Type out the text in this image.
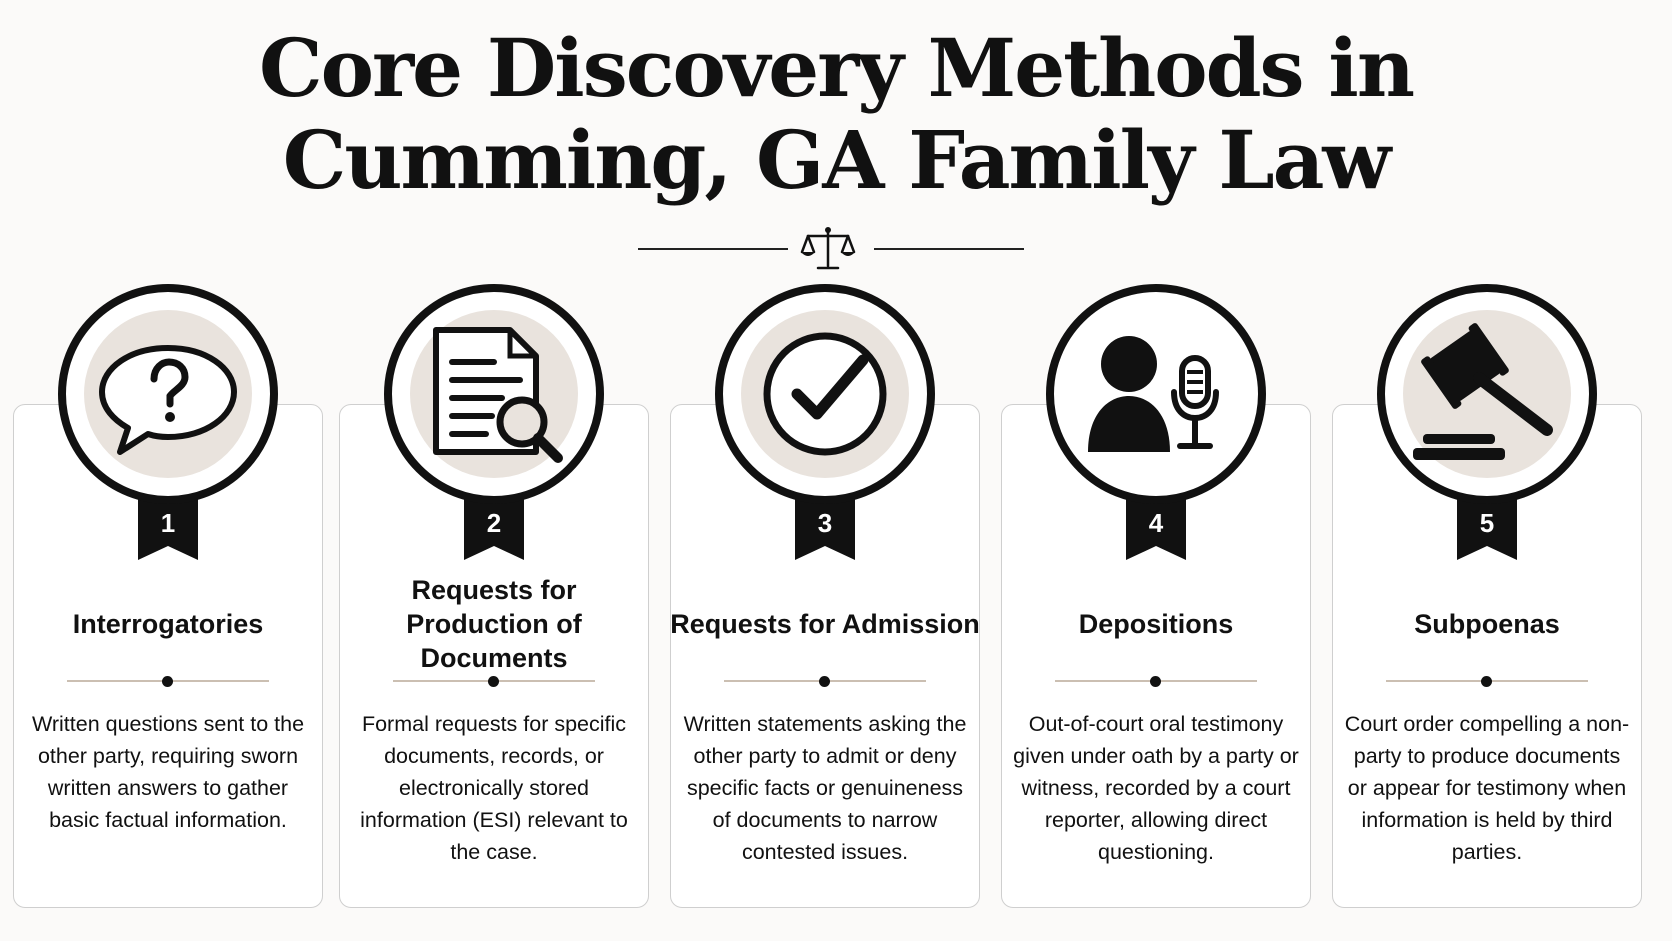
Core Discovery Methods in
Cumming, GA Family Law
Interrogatories
Written questions sent to the other party, requiring sworn written answers to gather basic factual information.
Requests for Production of Documents
Formal requests for specific documents, records, or electronically stored information (ESI) relevant to the case.
Requests for Admission
Written statements asking the other party to admit or deny specific facts or genuineness of documents to narrow contested issues.
Depositions
Out-of-court oral testimony given under oath by a party or witness, recorded by a court reporter, allowing direct questioning.
Subpoenas
Court order compelling a non-party to produce documents or appear for testimony when information is held by third parties.
1	2	3	4	5
